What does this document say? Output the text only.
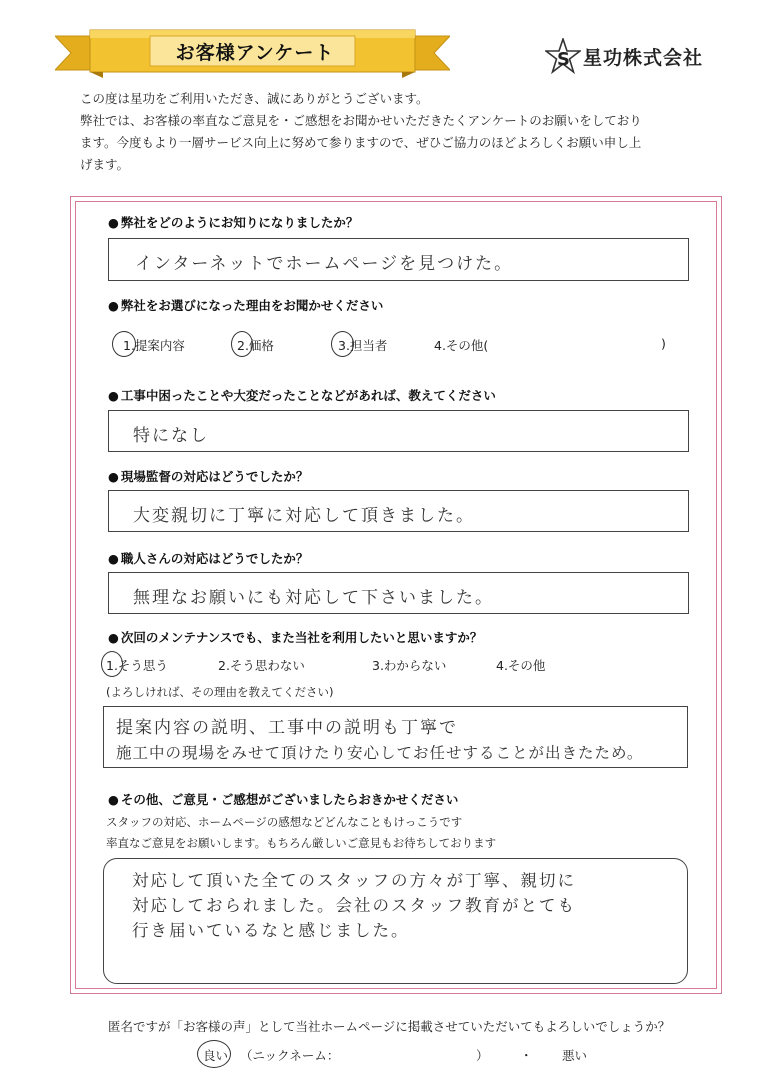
お客様アンケート	S 星功株式会社

この度は星功をご利用いただき、誠にありがとうございます。

弊社では、お客様の率直なご意見を・ご感想をお聞かせいただきたくアンケートのお願いをしており

ます。今度もより一層サービス向上に努めて参りますので、ぜひご協力のほどよろしくお願い申し上

げます。

● 弊社をどのようにお知りになりましたか？
インターネットでホームページを見つけた。
● 弊社をお選びになった理由をお聞かせください
1.提案内容	2.価格	3.担当者	4.その他(	)
● 工事中困ったことや大変だったことなどがあれば、教えてください
特になし
● 現場監督の対応はどうでしたか？
大変親切に丁寧に対応して頂きました。
● 職人さんの対応はどうでしたか？
無理なお願いにも対応して下さいました。
● 次回のメンテナンスでも、また当社を利用したいと思いますか？
1.そう思う	2.そう思わない	3.わからない	4.その他
(よろしければ、その理由を教えてください)
提案内容の説明、工事中の説明も丁寧で
施工中の現場をみせて頂けたり安心してお任せすることが出きたため。
● その他、ご意見・ご感想がございましたらおきかせください
スタッフの対応、ホームページの感想などどんなこともけっこうです
率直なご意見をお願いします。もちろん厳しいご意見もお待ちしております
対応して頂いた全てのスタッフの方々が丁寧、親切に
対応しておられました。会社のスタッフ教育がとても
行き届いているなと感じました。
匿名ですが「お客様の声」として当社ホームページに掲載させていただいてもよろしいでしょうか？
良い （ニックネーム：	）	・ 悪い
